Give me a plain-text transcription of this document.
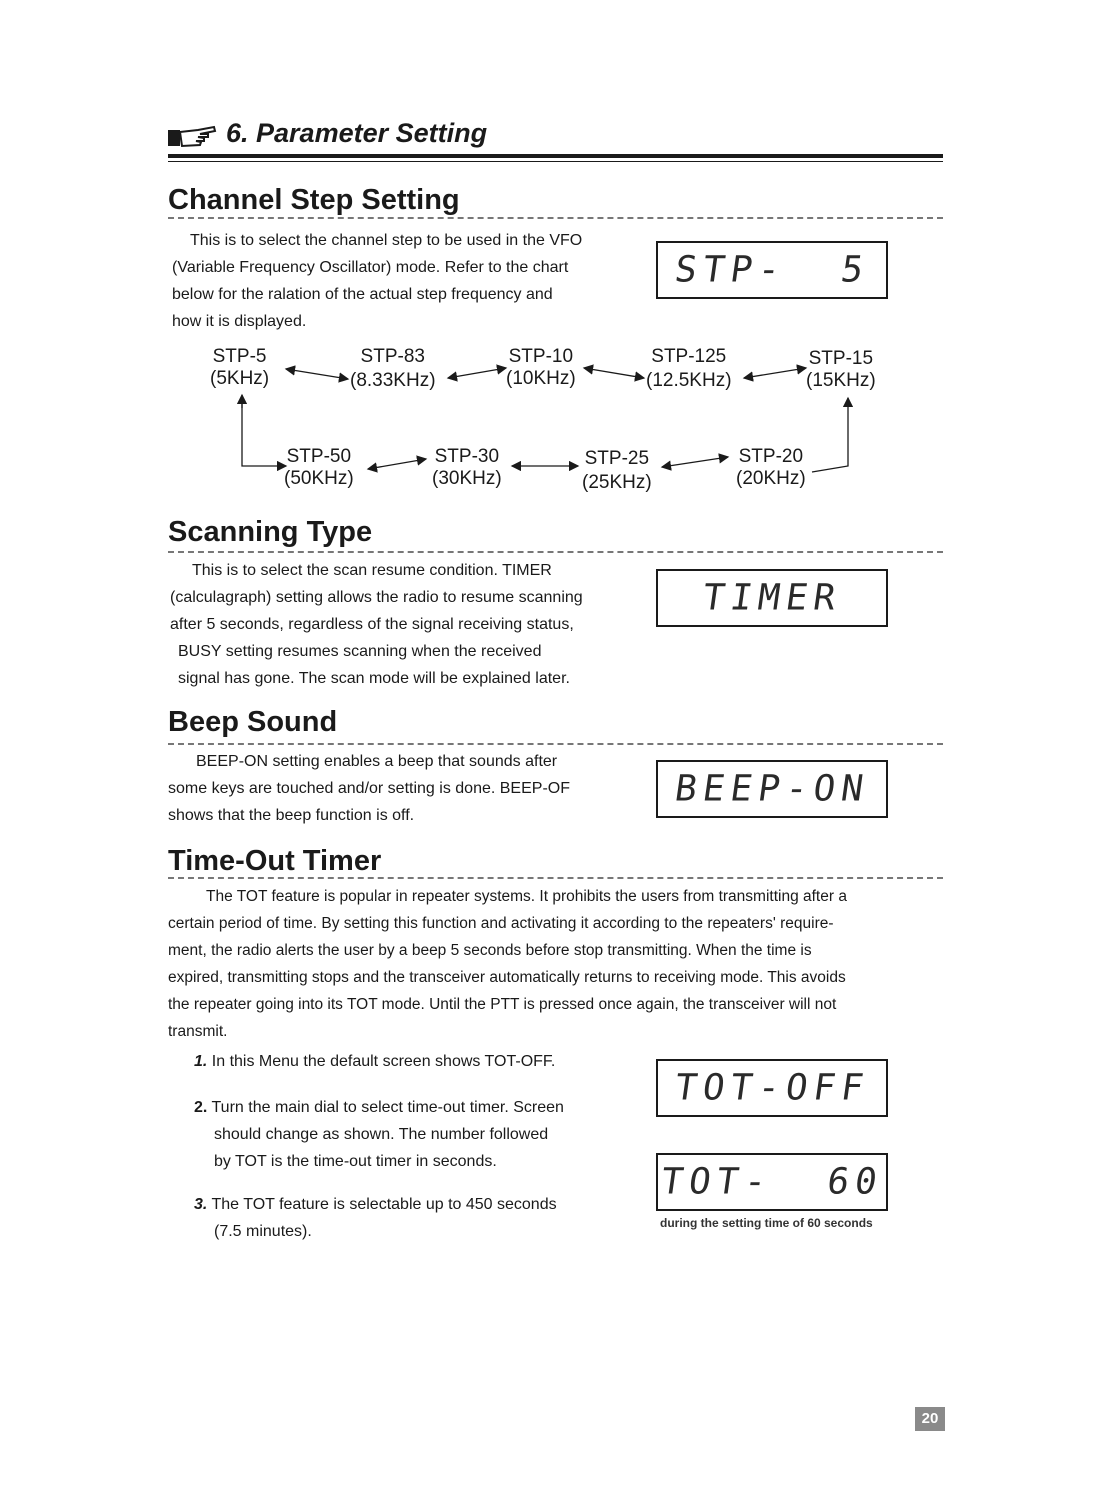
6. Parameter Setting
Channel Step Setting

This is to select the channel step to be used in the VFO

(Variable Frequency Oscillator) mode. Refer to the chart

below for the ralation of the actual step frequency and

how it is displayed.

STP-  5
STP-5
(5KHz)
STP-83
(8.33KHz)
STP-10
(10KHz)
STP-125
(12.5KHz)
STP-15
(15KHz)
STP-50
(50KHz)
STP-30
(30KHz)
STP-25
(25KHz)
STP-20
(20KHz)
Scanning Type

This is to select the scan resume condition. TIMER

(calculagraph) setting allows the radio to resume scanning

after 5 seconds, regardless of the signal receiving status,

BUSY setting resumes scanning when the received

signal has gone. The scan mode will be explained later.

TIMER
Beep Sound

BEEP-ON setting enables a beep that sounds after

some keys are touched and/or setting is done. BEEP-OF

shows that the beep function is off.

BEEP-ON
Time-Out Timer

The TOT feature is popular in repeater systems. It prohibits the users from transmitting after a

certain period of time. By setting this function and activating it according to the repeaters' require-

ment, the radio alerts the user by a beep 5 seconds before stop transmitting. When the time is

expired, transmitting stops and the transceiver automatically returns to receiving mode. This avoids

the repeater going into its TOT mode. Until the PTT is pressed once again, the transceiver will not

transmit.

1. In this Menu the default screen shows TOT-OFF.
2. Turn the main dial to select time-out timer. Screen
should change as shown. The number followed
by TOT is the time-out timer in seconds.
3. The TOT feature is selectable up to 450 seconds
(7.5 minutes).
TOT-OFF
TOT-  60
during the setting time of 60 seconds
20
